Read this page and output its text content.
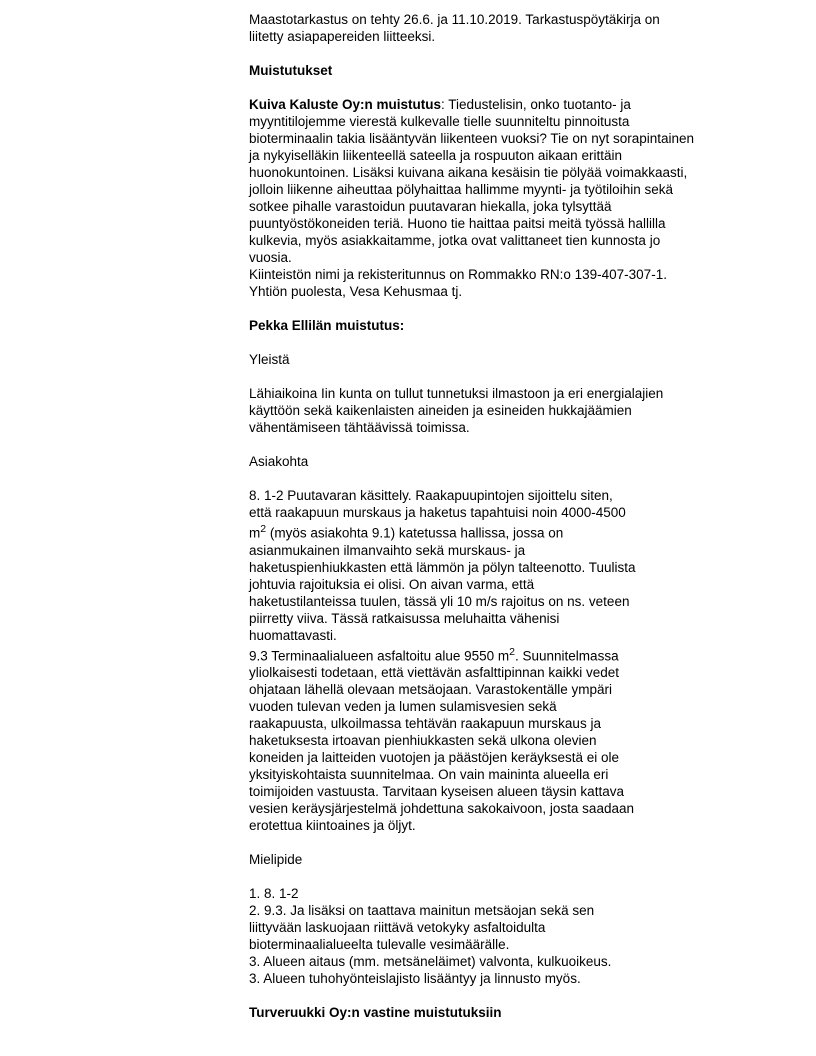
Maastotarkastus on tehty 26.6. ja 11.10.2019. Tarkastuspöytäkirja on
liitetty asiapapereiden liitteeksi.
Muistutukset
Kuiva Kaluste Oy:n muistutus: Tiedustelisin, onko tuotanto- ja
myyntitilojemme vierestä kulkevalle tielle suunniteltu pinnoitusta
bioterminaalin takia lisääntyvän liikenteen vuoksi? Tie on nyt sorapintainen
ja nykyiselläkin liikenteellä sateella ja rospuuton aikaan erittäin
huonokuntoinen. Lisäksi kuivana aikana kesäisin tie pölyää voimakkaasti,
jolloin liikenne aiheuttaa pölyhaittaa hallimme myynti- ja työtiloihin sekä
sotkee pihalle varastoidun puutavaran hiekalla, joka tylsyttää
puuntyöstökoneiden teriä. Huono tie haittaa paitsi meitä työssä hallilla
kulkevia, myös asiakkaitamme, jotka ovat valittaneet tien kunnosta jo
vuosia.
Kiinteistön nimi ja rekisteritunnus on Rommakko RN:o 139-407-307-1.
Yhtiön puolesta, Vesa Kehusmaa tj.
Pekka Ellilän muistutus:
Yleistä
Lähiaikoina Iin kunta on tullut tunnetuksi ilmastoon ja eri energialajien
käyttöön sekä kaikenlaisten aineiden ja esineiden hukkajäämien
vähentämiseen tähtäävissä toimissa.
Asiakohta
8. 1-2 Puutavaran käsittely. Raakapuupintojen sijoittelu siten,
että raakapuun murskaus ja haketus tapahtuisi noin 4000-4500
$m^2$ (myös asiakohta 9.1) katetussa hallissa, jossa on
asianmukainen ilmanvaihto sekä murskaus- ja
haketuspienhiukkasten että lämmön ja pölyn talteenotto. Tuulista
johtuvia rajoituksia ei olisi. On aivan varma, että
haketustilanteissa tuulen, tässä yli 10 m/s rajoitus on ns. veteen
piirretty viiva. Tässä ratkaisussa meluhaitta vähenisi
huomattavasti.
9.3 Terminaalialueen asfaltoitu alue 9550 $m^2$. Suunnitelmassa
yliolkaisesti todetaan, että viettävän asfalttipinnan kaikki vedet
ohjataan lähellä olevaan metsäojaan. Varastokentälle ympäri
vuoden tulevan veden ja lumen sulamisvesien sekä
raakapuusta, ulkoilmassa tehtävän raakapuun murskaus ja
haketuksesta irtoavan pienhiukkasten sekä ulkona olevien
koneiden ja laitteiden vuotojen ja päästöjen keräyksestä ei ole
yksityiskohtaista suunnitelmaa. On vain maininta alueella eri
toimijoiden vastuusta. Tarvitaan kyseisen alueen täysin kattava
vesien keräysjärjestelmä johdettuna sakokaivoon, josta saadaan
erotettua kiintoaines ja öljyt.
Mielipide
1. 8. 1-2
2. 9.3. Ja lisäksi on taattava mainitun metsäojan sekä sen
liittyvään laskuojaan riittävä vetokyky asfaltoidulta
bioterminaalialueelta tulevalle vesimäärälle.
3. Alueen aitaus (mm. metsäneläimet) valvonta, kulkuoikeus.
3. Alueen tuhohyönteislajisto lisääntyy ja linnusto myös.
Turveruukki Oy:n vastine muistutuksiin
